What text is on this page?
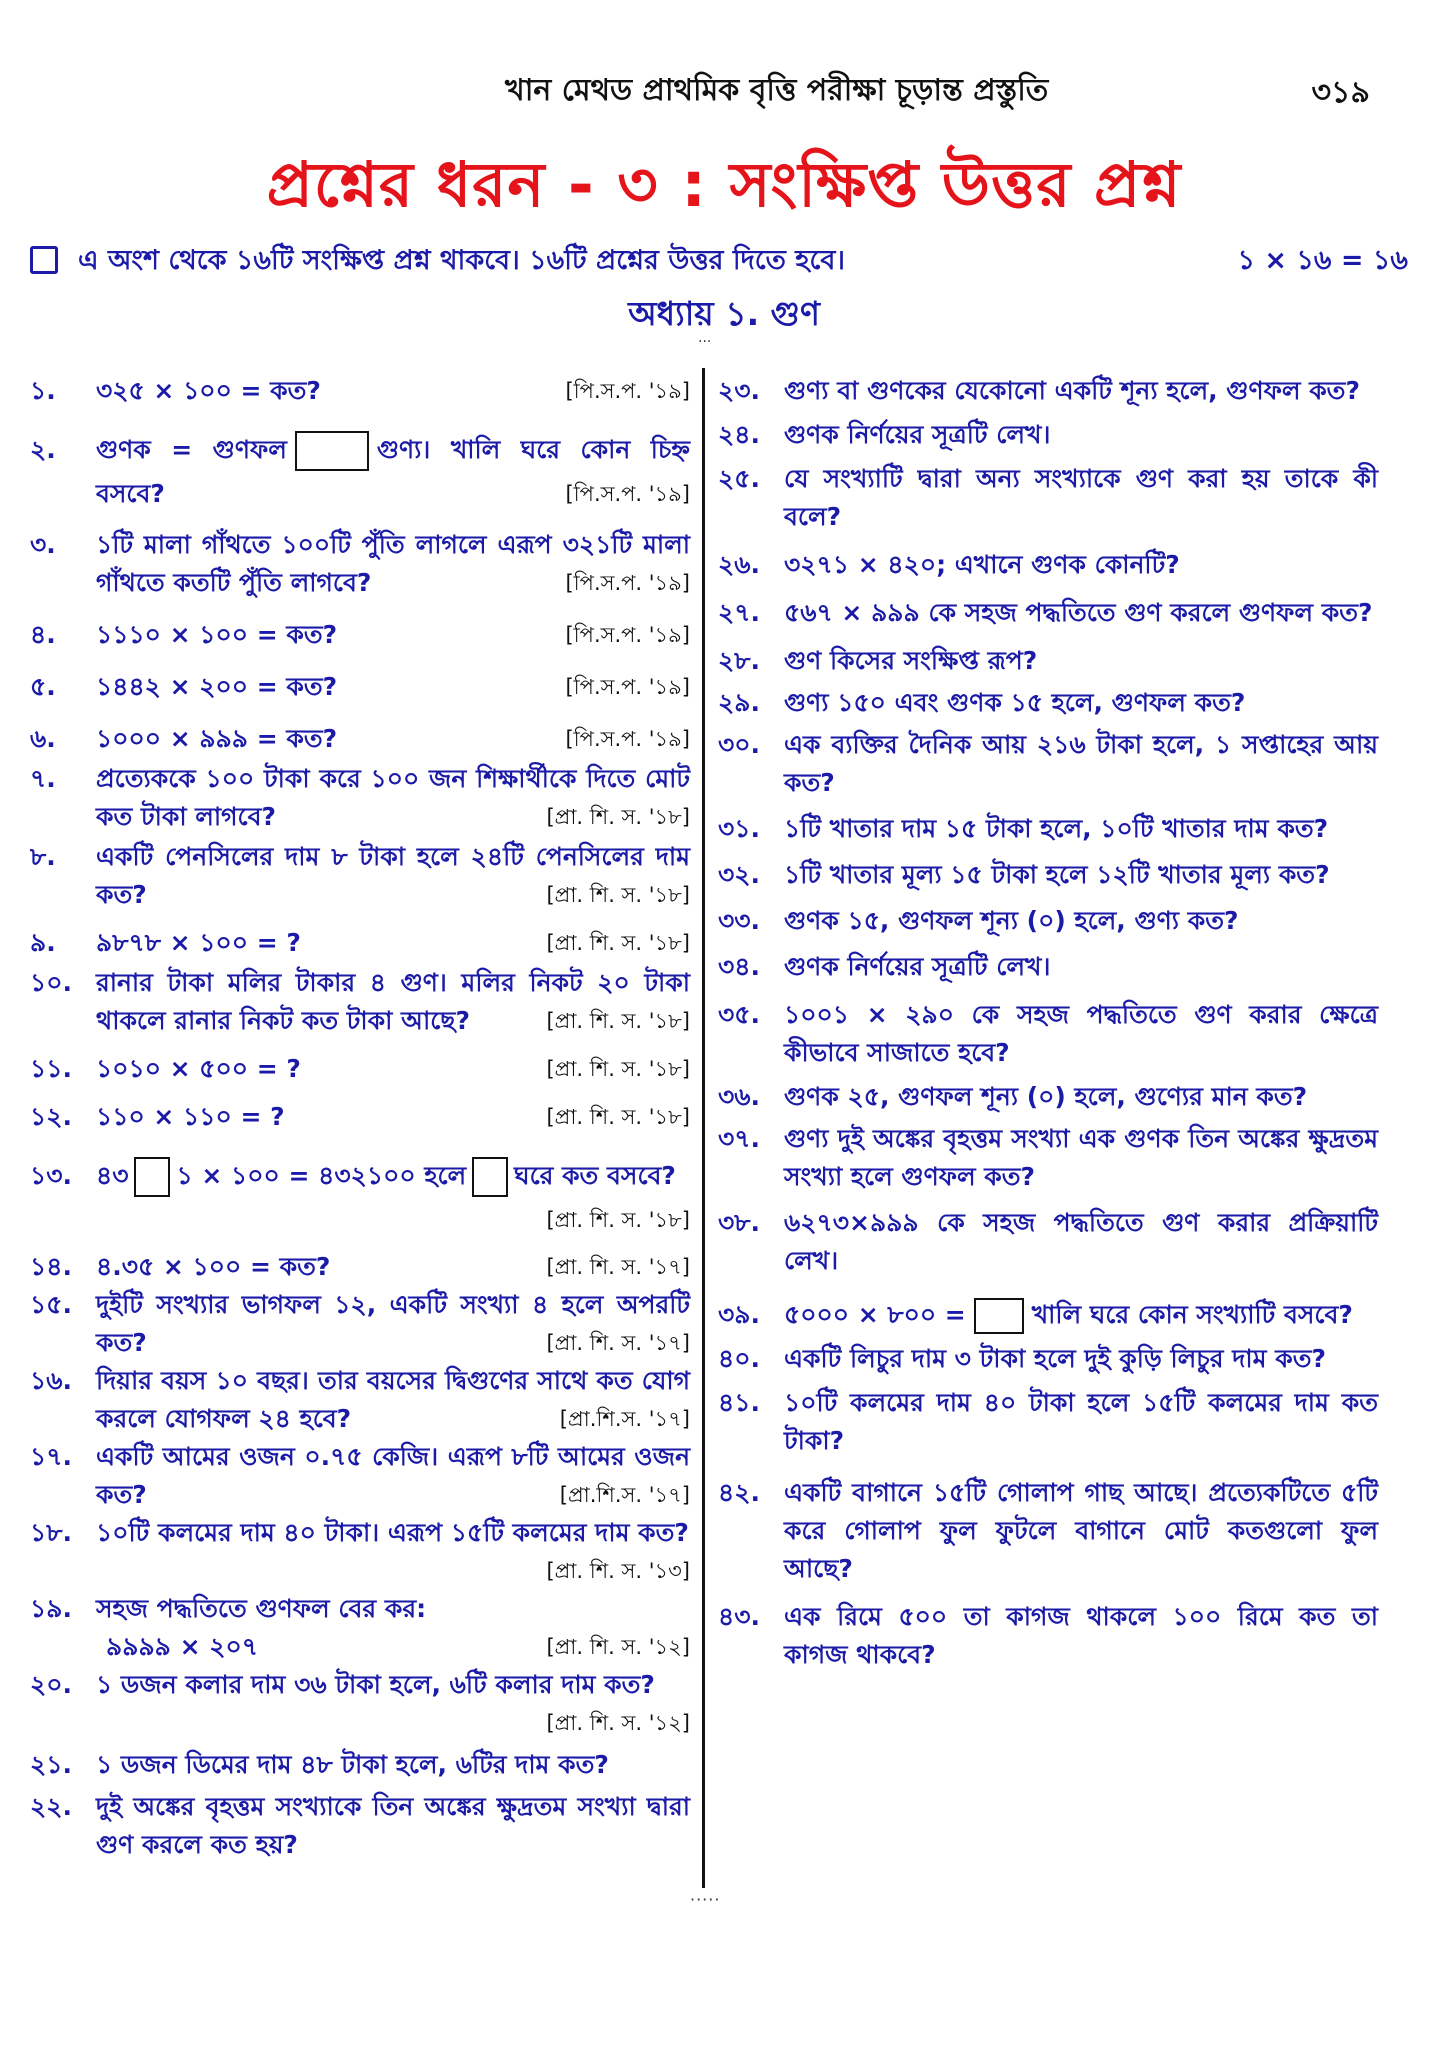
খান মেথড প্রাথমিক বৃত্তি পরীক্ষা চূড়ান্ত প্রস্তুতি	৩১৯
প্রশ্নের ধরন - ৩ : সংক্ষিপ্ত উত্তর প্রশ্ন
এ অংশ থেকে ১৬টি সংক্ষিপ্ত প্রশ্ন থাকবে। ১৬টি প্রশ্নের উত্তর দিতে হবে।	১ × ১৬ = ১৬
অধ্যায় ১. গুণ
···
১.	[পি.স.প. '১৯]
৩২৫ × ১০০ = কত?
২.	গুণক = গুণফল	গুণ্য। খালি ঘরে কোন চিহ্ন বসবে?	[পি.স.প. '১৯]
৩.	১টি মালা গাঁথতে ১০০টি পুঁতি লাগলে এরূপ ৩২১টি মালা গাঁথতে কতটি পুঁতি লাগবে?	[পি.স.প. '১৯]
৪.	[পি.স.প. '১৯]
১১১০ × ১০০ = কত?
৫.	[পি.স.প. '১৯]
১৪৪২ × ২০০ = কত?
৬.	[পি.স.প. '১৯]
১০০০ × ৯৯৯ = কত?
৭.	প্রত্যেককে ১০০ টাকা করে ১০০ জন শিক্ষার্থীকে দিতে মোট কত টাকা লাগবে?	[প্রা. শি. স. '১৮]
৮.	একটি পেনসিলের দাম ৮ টাকা হলে ২৪টি পেনসিলের দাম কত?	[প্রা. শি. স. '১৮]
৯.	[প্রা. শি. স. '১৮]
৯৮৭৮ × ১০০ = ?
১০. রানার টাকা মলির টাকার ৪ গুণ। মলির নিকট ২০ টাকা থাকলে রানার নিকট কত টাকা আছে?	[প্রা. শি. স. '১৮]
১১.	[প্রা. শি. স. '১৮]
১০১০ × ৫০০ = ?
১২.	[প্রা. শি. স. '১৮]
১১০ × ১১০ = ?
১৩. ৪৩ ১ × ১০০ = ৪৩২১০০ হলে ঘরে কত বসবে?
[প্রা. শি. স. '১৮]
১৪.	[প্রা. শি. স. '১৭]
৪.৩৫ × ১০০ = কত?
১৫. দুইটি সংখ্যার ভাগফল ১২, একটি সংখ্যা ৪ হলে অপরটি কত?	[প্রা. শি. স. '১৭]
১৬. দিয়ার বয়স ১০ বছর। তার বয়সের দ্বিগুণের সাথে কত যোগ করলে যোগফল ২৪ হবে?	[প্রা.শি.স. '১৭]
১৭. একটি আমের ওজন ০.৭৫ কেজি। এরূপ ৮টি আমের ওজন কত?	[প্রা.শি.স. '১৭]
১৮. ১০টি কলমের দাম ৪০ টাকা। এরূপ ১৫টি কলমের দাম কত?
[প্রা. শি. স. '১৩]
১৯. সহজ পদ্ধতিতে গুণফল বের কর:
৯৯৯৯ × ২০৭	[প্রা. শি. স. '১২]
২০. ১ ডজন কলার দাম ৩৬ টাকা হলে, ৬টি কলার দাম কত?
[প্রা. শি. স. '১২]
২১. ১ ডজন ডিমের দাম ৪৮ টাকা হলে, ৬টির দাম কত?
২২. দুই অঙ্কের বৃহত্তম সংখ্যাকে তিন অঙ্কের ক্ষুদ্রতম সংখ্যা দ্বারা গুণ করলে কত হয়?
২৩. গুণ্য বা গুণকের যেকোনো একটি শূন্য হলে, গুণফল কত?
২৪. গুণক নির্ণয়ের সূত্রটি লেখ।
২৫. যে সংখ্যাটি দ্বারা অন্য সংখ্যাকে গুণ করা হয় তাকে কী বলে?
২৬. ৩২৭১ × ৪২০; এখানে গুণক কোনটি?
২৭. ৫৬৭ × ৯৯৯ কে সহজ পদ্ধতিতে গুণ করলে গুণফল কত?
২৮. গুণ কিসের সংক্ষিপ্ত রূপ?
২৯. গুণ্য ১৫০ এবং গুণক ১৫ হলে, গুণফল কত?
৩০. এক ব্যক্তির দৈনিক আয় ২১৬ টাকা হলে, ১ সপ্তাহের আয় কত?
৩১. ১টি খাতার দাম ১৫ টাকা হলে, ১০টি খাতার দাম কত?
৩২. ১টি খাতার মূল্য ১৫ টাকা হলে ১২টি খাতার মূল্য কত?
৩৩. গুণক ১৫, গুণফল শূন্য (০) হলে, গুণ্য কত?
৩৪. গুণক নির্ণয়ের সূত্রটি লেখ।
৩৫. ১০০১ × ২৯০ কে সহজ পদ্ধতিতে গুণ করার ক্ষেত্রে কীভাবে সাজাতে হবে?
৩৬. গুণক ২৫, গুণফল শূন্য (০) হলে, গুণ্যের মান কত?
৩৭. গুণ্য দুই অঙ্কের বৃহত্তম সংখ্যা এক গুণক তিন অঙ্কের ক্ষুদ্রতম সংখ্যা হলে গুণফল কত?
৩৮. ৬২৭৩×৯৯৯ কে সহজ পদ্ধতিতে গুণ করার প্রক্রিয়াটি লেখ।
৩৯. ৫০০০ × ৮০০ =	খালি ঘরে কোন সংখ্যাটি বসবে?
৪০. একটি লিচুর দাম ৩ টাকা হলে দুই কুড়ি লিচুর দাম কত?
৪১. ১০টি কলমের দাম ৪০ টাকা হলে ১৫টি কলমের দাম কত টাকা?
৪২. একটি বাগানে ১৫টি গোলাপ গাছ আছে। প্রত্যেকটিতে ৫টি করে গোলাপ ফুল ফুটলে বাগানে মোট কতগুলো ফুল আছে?
৪৩. এক রিমে ৫০০ তা কাগজ থাকলে ১০০ রিমে কত তা কাগজ থাকবে?
·····
